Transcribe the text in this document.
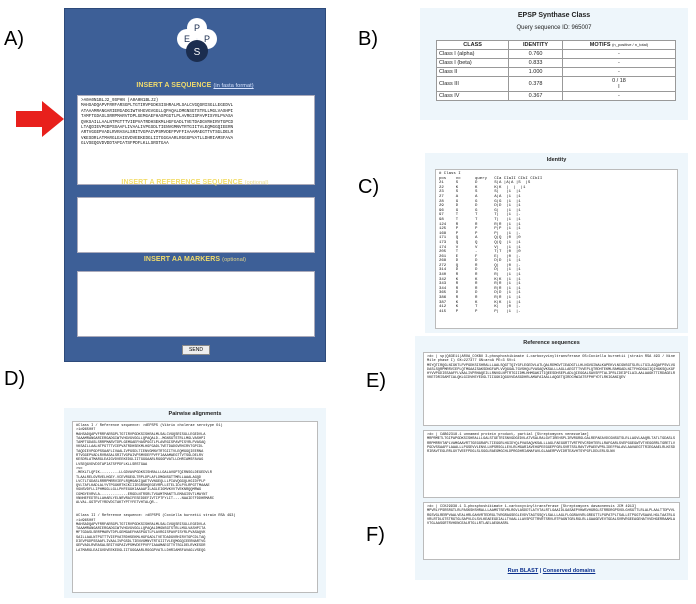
A)	B)
C)
D)	E)
F)
E
P
P
S
INSERT A SEQUENCE (in fasta format)
>A0A0N1BLJ2_9SPHN (A0A0N1BLJ2)
MAHSADQAPVFRRFARSGPLTGTIRVPGDKSISHRALMLSALCVGQSRISGLLEGEDVL
ATAAAMRANGARIERGADGIWTVHGVGVGGLLQPAQALDMGNSGTSTRLLMGLVASHPI
TAMFTGDASLSRRPMARVTDPLGEMGAEFHASPGGTLPLAVRGISPAVPISYRLPVASA
QVKSAILLAALNTPGTTTVIEPVATRDHSEKMLHGFGADLTVETDADGVRHIRVTGPCD
LTAQDIEVPGDPSSAAFLIVAALIVPGSDLTIENVGMNVTRTGIITVLEQMGGQIEERN
ARTVGGEPVADLRVRASALSRITVGPAIVPSMVDEFPVFFIAAAMAEGTTVTSGLDELR
VKESDRLATMARGLEAIGVDVEEKEDGLIITGGGAARLRGGGPVATLLDHRIAMSFAVA
GLVSEQGVDVDDTAPIATSFPDFLKLLSRSTGAA
INSERT A REFERENCE SEQUENCE (optional)
INSERT AA MARKERS (optional)
SEND
EPSP Synthase Class
Query sequence ID: 965007
CLASS	IDENTITY	MOTIFS (n_positive / n_total)
Class I (alpha)	0.760	-
Class I (beta)	0.833	-
Class II	1.000	-
Class III	0.378	0 / 18
I
Class IV	0.367	-
Identity
# Class I
pos    vc      query   CIa CIaII CIbI CIbII
21     S       D       S|A |A|A |S  |S
22     K       K       K|K  |  |  |1
23     S       S       S|   |1  |1
27     A       A       A|A  |1  |1
28     G       G       G|G  |1  |1
29     D       D       D|D  |1  |1
96     G       G       G|   |1  |1
97     T       T       T|   |1  |-
98     T       T       T|   |1  |1
124    R       R       R|R  |1  |1
125    P       P       P|P  |1  |1
168    P       P       P|   |1  |-
171    Q       A       Q|Q  |0  |0
173    Q       Q       Q|Q  |1  |1
174    V       V       V|   |1  |1
205    T       -       T|T  |0  |0
261    E       F       E|   |0  |-
268    D       D       D|D  |1  |1
272    Q       R       Q|   |0  |-
314    D       D       D|   |1  |1
340    R       R       R|   |1  |1
342    K       K       K|K  |1  |1
343    R       R       R|R  |1  |1
344    R       R       R|R  |1  |1
365    D       D       D|D  |1  |1
386    R       R       R|R  |1  |1
387    K       K       K|K  |1  |1
412    K       T       K|   |0  |-
415    P       P       P|   |1  |-
Reference sequences
>dc | sp|Q83E11|AROA_COXBU 3-phosphoshikimate 1-carboxyvinyltransferase OS=Coxiella burnetii (strain RSA 493 / Nine Mile phase I) OX=227377 GN=aroA PE=3 SV=1
MSYQTIRQGLNIGKTLPVPGDKSISHRALLLAALSQGTTQIYGFLEGEDVLATLQALRDMGVTIEADGTLLHLNGVGINALKAPEKVLNCGNSGTSLRLLTGILAGQAFPSVLVGDASLSQRPMRRVIEPLQTMGAAISAKSDNGFAPLVVQGGALTGVSHQLPVASAQVKSALLLAGLLAEGTTTVVEPLQTRDHTEKMLRAMGADLNITFHGDGAIIQIHGKSQLKGFHYVVPGDISSAAFFLVAALIVPRHAQEILLRNVGLNPTRTGIIDMLHHMGAKITIQEESDHSEPLADLQIEGGALSAVSFPTALIPRLIDEIPILAILAALAAGKTTIRDAGELRVKETDRISAMTCALQKLGIDVHEYEDGLTIIGGKIQGGVVDASGDHRLAMAFAIAALLAQGETQIRDCHWIATSFPHFYDTLRKIGANIQEV
>dc | CAB62318.1 unnamed protein product, partial [Streptomyces venezuelae]
MRPRMETLTGIPAPGDKSISHRALLLGALSTGETRISNVGDGEDVLATVSALRALGVTIREHSPLIRVRGRGLGALREPAEAVDCGNSGTSLRLLAGVLAAQRLTATLTGDASLSRRPMRRVTAPLVAMGAAVRTTGEGGRAPLTIEGGRLHGIDYQLPVASAQVKSALLLAGLFAEGGRTTVRTPEVCRDHTERLLRAFGARLSVEPGGEGWTVTVEGGRRLTGRETLVPGDVSSAAFFLAAALLLPGSEVVLENVLLNPSRSGLLEVLRLMGARIAVEHGPEEGGEPFGRLSVRTSSLRAVTVPAEEVPRLIDEFPALAVLAAVAEGTTRIEGAAELRLKESDRIRAVTEGLRRLGVTVEEFPDGLSLSGGLRAEGMGCHLDPRGDHRIAMAFAVLGLAAERPVVIDRTEAVHTSYPGFLDDLERLSLNN
>dc | CCK29938.1 3-phosphoshikimate 1-carboxyvinyltransferase [Streptomyces davaonensis JCM 4913]
MPVRLYPSRSRGTLRLPASKSHSHRALLLAAMSTSEVRLRGVLASDDTLATVTALRTLGAAIDLGASAEPVHWSVHGRGLSTRRDRGPSVDLGHSGTTLRLALPLAALTTDPVVLRGSVGLRERPVAALVEALHRLGAHVRTEDRGLTVRGRAGSEGLEVDVTAGTSSQYLSALLLAGLFLGGRAVVRLGREGTTLPGPATPLTSALLETPGGTVSAAVLHGLTAATRLGVRLRTDLGTSTRGTGLSAPVLDLSVLKEAEEGDIALLTVAALLLAVSPGTTRVRTSRVLRTPAGNTGRLRGLRLLGAAGEVEVTGDALSVRVRGEEAGEHATVVDHGERRAAMLAVTGLAASGRTRVHDNCEALRTGLLRTLAELAEGKASRL
Run BLAST | Conserved domains
Pairwise alignments
#Class I / Reference sequence: >dEPSPS (Vibrio cholerae serotype O1)
>1d965007
MAHSADQAPVFRRFARSGPLTGTIRVPGDKSISHRALMLSALCVGQSRISGLLEGEDVLA
TAAAMRANGARIERGADGIWTVHGVGVGGLLQPAQALD--MGNSGTSTRLLMGLVASHPI
TAMFTGDASLSRRPMARVTDPLGEMGAEFHASPGGTLPLAVRGISPAVPISYRLPVASAQ
VKSAILLAALNTPGTTTVIEPVATRDHSEKMLHGFGADLTVETDADGVRHIRVTGPCDL
TAQDIEVPGDPSSAAFLIVAALIVPGSDLTIENVGMNVTRTGIITVLEQMGGQIEERNA
RTVGGEPVADLRVRASALSRITVGPAIVPSMVDEFPVFFIAAAMAEGTTVTSGLDELRV
KESDRLATMARGLEAIGVDVEEKEDGLIITGGGAARLRGGGPVATLLDHRIAMSFAVAG
LVSEQGVDVDDTAPIATSFPDFLKLLSRSTGAA
>vc
-MEKLTLQPIK---------LLGDVAVPGDKSISHRALLLGALAVGPTQIRNSGLDEGEDVLR
TLAALRELGVRVELHGEY-VCEVRGEGLTRPLDPLAFLDMGNSGTTMRLLAAALAGQD
LVCTLTGDASLRRRPMRRVIEPLRQMGAKIQAETVVNGEQLLLPIAVQGGQLHGIDYPLP
QVLTAFLKADLALYVTPGGKRTKCKIIIEGRSHQEGEVRPLLETELIDLPVLRPGTTMAAAE
VGNSVDFLLIPHMGGLLGLLPHFEGGHIAAAAFILAGLEIGMVKVVTVEKNRQQMRWG
CGMGYEVRVLA-------------ERGDLNTRSRLTVGAMTMANTTLEMAGISVTLMAYNT
VNNHEFEDTRLLAHARLYELNRVRAIFESEDDEFIVTIPTFYLIT----NAAIDTFDDHRMARC
ALVAL-GGTPVTYRDVDCTAKTYPTYFETVHTALQR--

#Class II / Reference sequence: >dEPSPS (Coxiella burnetii strain RSA 493)
>1d965007
MAHSADQAPVFRRFARSGPLTGTIRVPGDKSISHRALMLSALCVGQSRISGLLEGEDVLA
TAAAMRANGARIERGADGIWTVHGVGVGGLLQPAQALDMGNSGTSTRLLMGLVASHPITA
MFTGDASLSRRPMARVTDPLGEMGAEFHASPGGTLPLAVRGISPAVPISYRLPVASAQVK
SAILLAALNTPGTTTVIEPVATRDHSEKMLHGFGADLTVETDADGVRHIRVTGPCDLTAQ
DIEVPGDPSSAAFLIVAALIVPGSDLTIENVGMNVTRTGIITVLEQMGGQIEERNARTVG
GEPVADLRVRASALSRITVGPAIVPSMVDEFPVFFIAAAMAEGTTVTSGLDELRVKESDR
LATMARGLEAIGVDVEEKEDGLIITGGGAARLRGGGPVATLLDHRIAMSFAVAGLVSEQG
